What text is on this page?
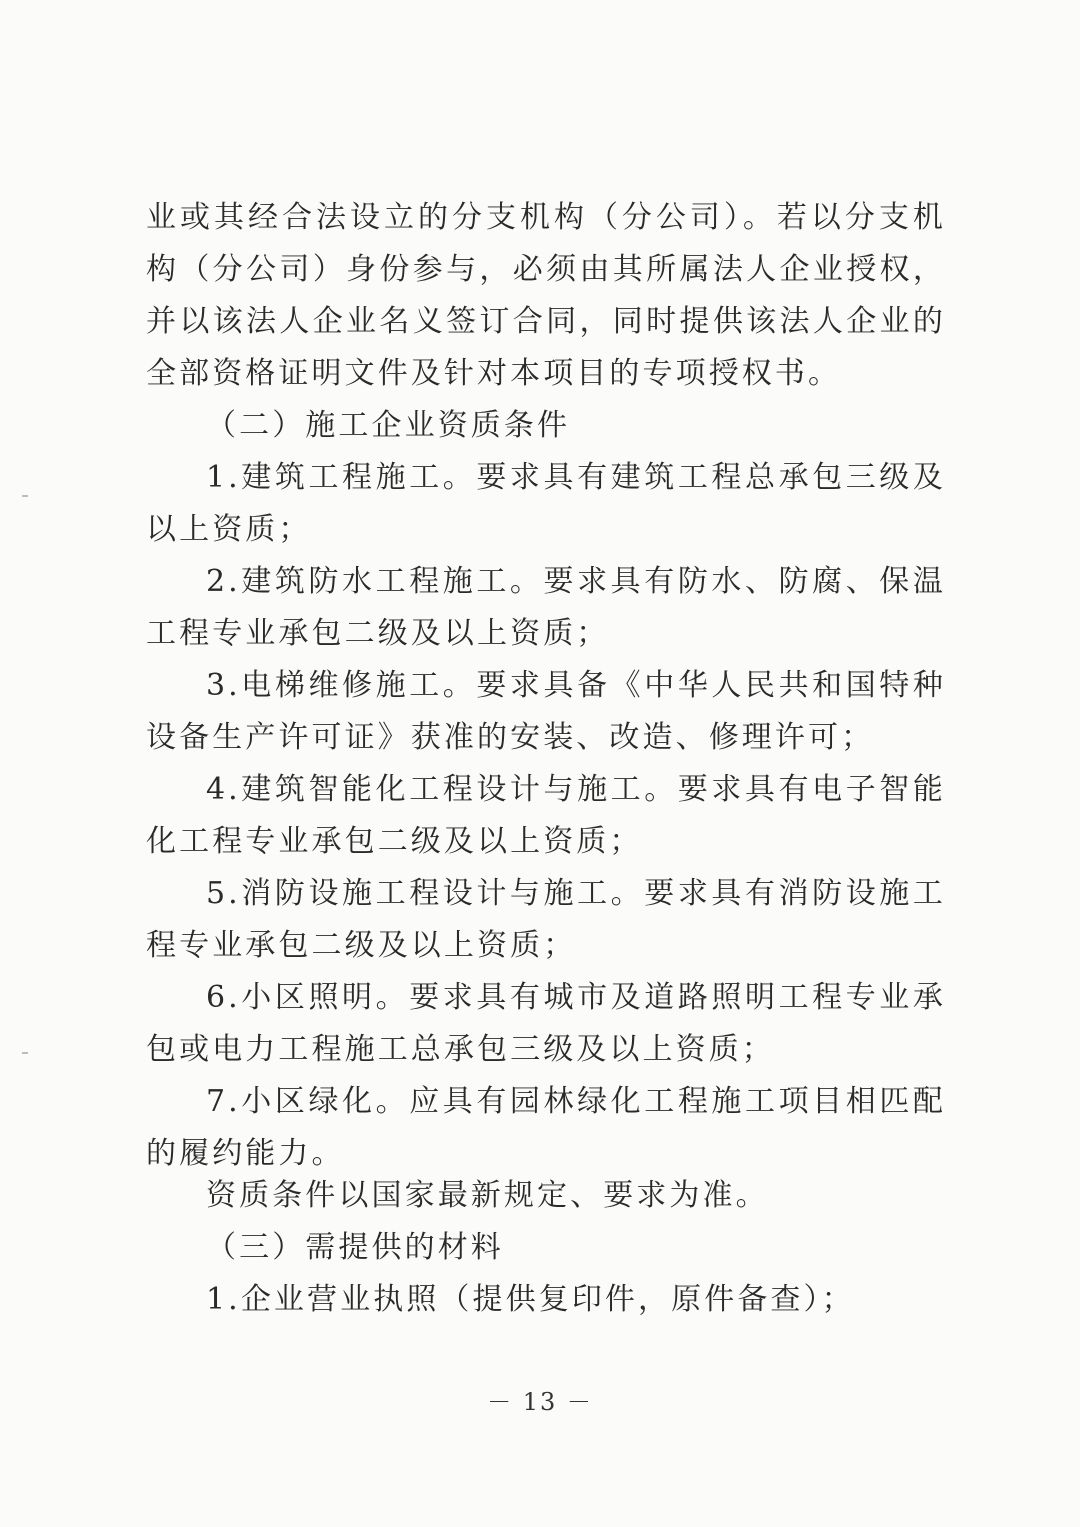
业或其经合法设立的分支机构（分公司）。若以分支机构（分公司）身份参与，必须由其所属法人企业授权，并以该法人企业名义签订合同，同时提供该法人企业的全部资格证明文件及针对本项目的专项授权书。

（二）施工企业资质条件

1.建筑工程施工。要求具有建筑工程总承包三级及以上资质；

2.建筑防水工程施工。要求具有防水、防腐、保温工程专业承包二级及以上资质；

3.电梯维修施工。要求具备《中华人民共和国特种设备生产许可证》获准的安装、改造、修理许可；

4.建筑智能化工程设计与施工。要求具有电子智能化工程专业承包二级及以上资质；

5.消防设施工程设计与施工。要求具有消防设施工程专业承包二级及以上资质；

6.小区照明。要求具有城市及道路照明工程专业承包或电力工程施工总承包三级及以上资质；

7.小区绿化。应具有园林绿化工程施工项目相匹配的履约能力。

资质条件以国家最新规定、要求为准。

（三）需提供的材料

1.企业营业执照（提供复印件，原件备查）；

－ 13 －
